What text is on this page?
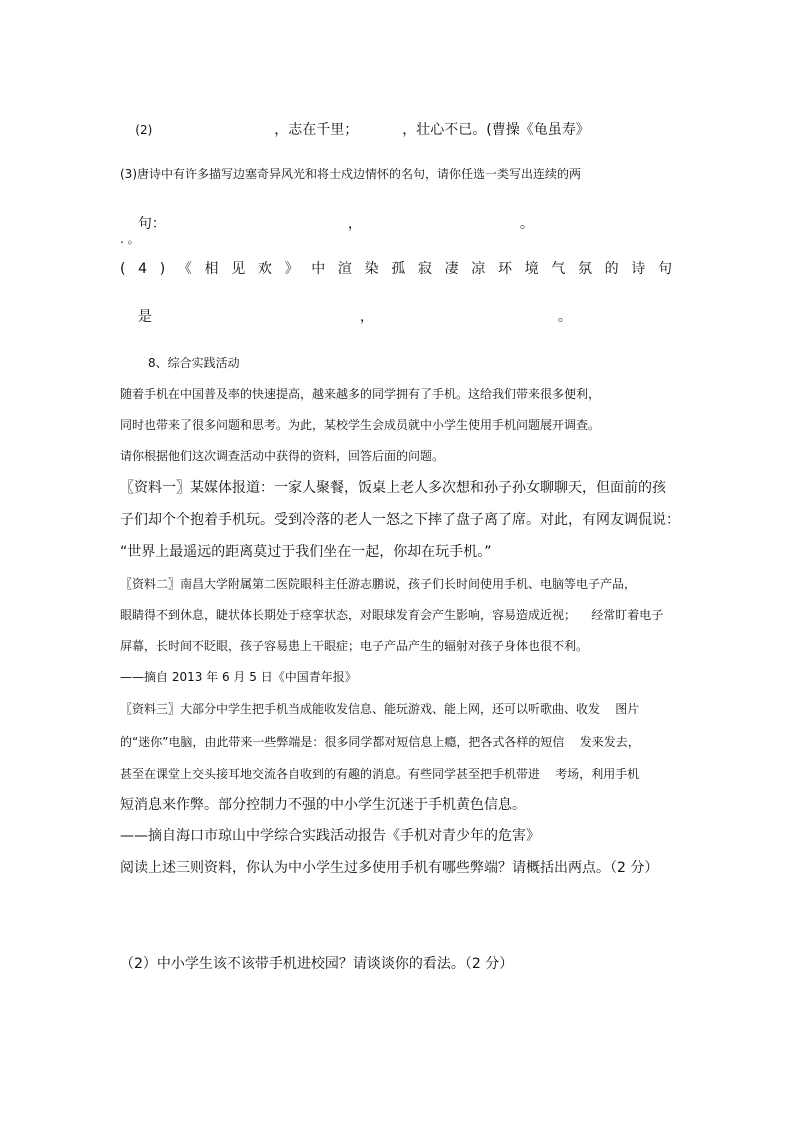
(2)	，志在千里；	，壮心不已。(曹操《龟虽寿》

(3)唐诗中有许多描写边塞奇异风光和将士戍边情怀的名句，请你任选一类写出连续的两

句：	，	。

. 。
( 4 ) 《 相 见 欢 》 中 渲 染 孤 寂 凄 凉 环 境 气 氛 的 诗 句

是	，	。

8、综合实践活动
随着手机在中国普及率的快速提高，越来越多的同学拥有了手机。这给我们带来很多便利，
同时也带来了很多问题和思考。为此，某校学生会成员就中小学生使用手机问题展开调查。
请你根据他们这次调查活动中获得的资料，回答后面的问题。
〖资料一〗某媒体报道：一家人聚餐，饭桌上老人多次想和孙子孙女聊聊天，但面前的孩
子们却个个抱着手机玩。受到冷落的老人一怒之下摔了盘子离了席。对此，有网友调侃说：
“世界上最遥远的距离莫过于我们坐在一起，你却在玩手机。”
〖资料二〗南昌大学附属第二医院眼科主任游志鹏说，孩子们长时间使用手机、电脑等电子产品，
眼睛得不到休息，睫状体长期处于痉挛状态，对眼球发育会产生影响，容易造成近视；    经常盯着电子
屏幕，长时间不眨眼，孩子容易患上干眼症；电子产品产生的辐射对孩子身体也很不利。
——摘自 2013 年 6 月 5 日《中国青年报》
〖资料三〗大部分中学生把手机当成能收发信息、能玩游戏、能上网，还可以听歌曲、收发    图片
的“迷你”电脑，由此带来一些弊端是：很多同学都对短信息上瘾，把各式各样的短信    发来发去，
甚至在课堂上交头接耳地交流各自收到的有趣的消息。有些同学甚至把手机带进    考场，利用手机
短消息来作弊。部分控制力不强的中小学生沉迷于手机黄色信息。
——摘自海口市琼山中学综合实践活动报告《手机对青少年的危害》
阅读上述三则资料，你认为中小学生过多使用手机有哪些弊端？请概括出两点。（2 分）
（2）中小学生该不该带手机进校园？请谈谈你的看法。（2 分）
